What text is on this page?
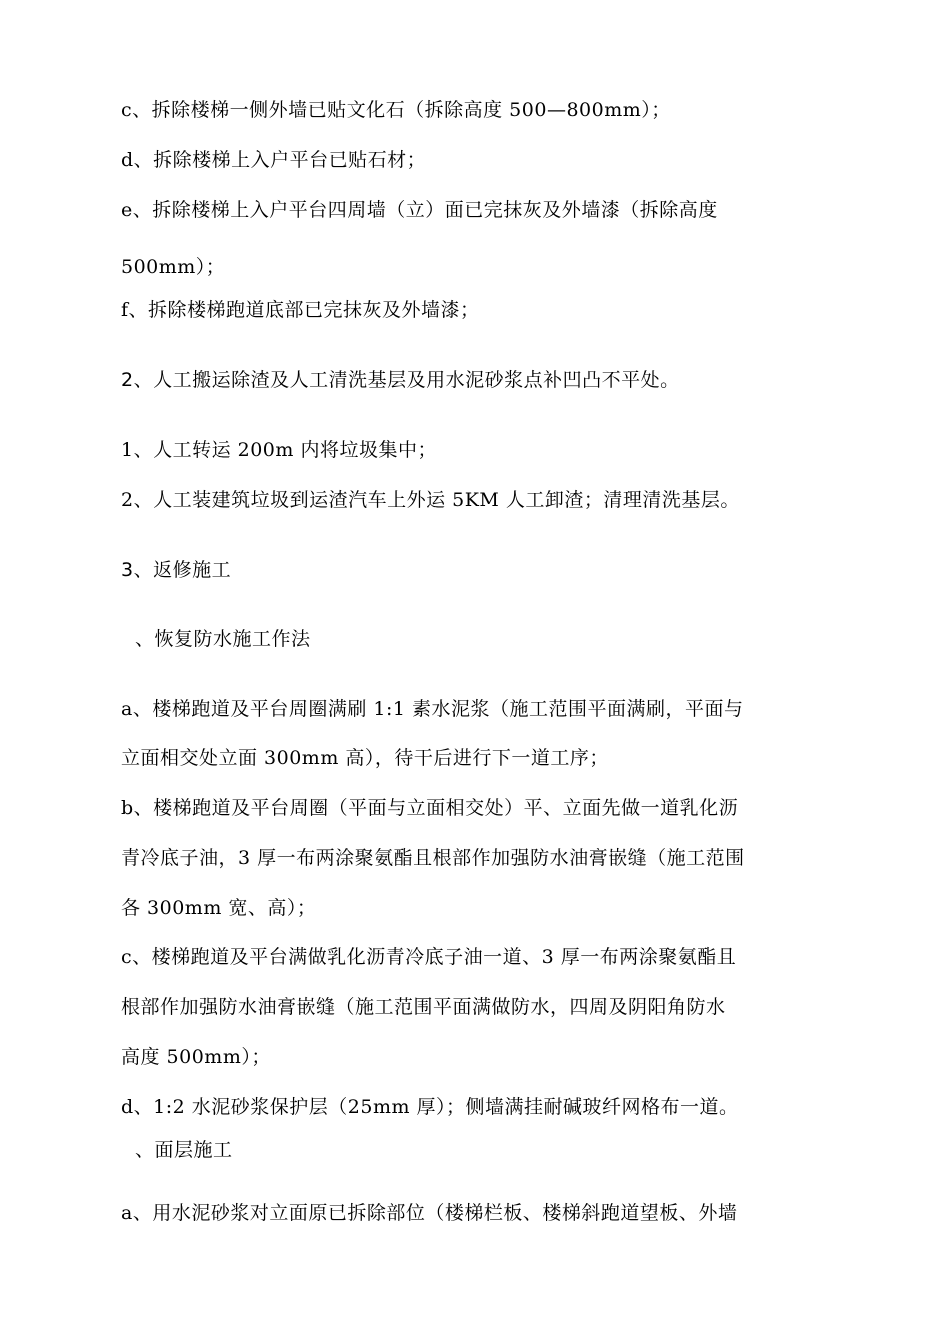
c、拆除楼梯一侧外墙已贴文化石（拆除高度 500—800mm）；
d、拆除楼梯上入户平台已贴石材；
e、拆除楼梯上入户平台四周墙（立）面已完抹灰及外墙漆（拆除高度
500mm）；
f、拆除楼梯跑道底部已完抹灰及外墙漆；
2、人工搬运除渣及人工清洗基层及用水泥砂浆点补凹凸不平处。
1、人工转运 200m 内将垃圾集中；
2、人工装建筑垃圾到运渣汽车上外运 5KM 人工卸渣；清理清洗基层。
3、返修施工
、恢复防水施工作法
a、楼梯跑道及平台周圈满刷 1:1 素水泥浆（施工范围平面满刷，平面与
立面相交处立面 300mm 高），待干后进行下一道工序；
b、楼梯跑道及平台周圈（平面与立面相交处）平、立面先做一道乳化沥
青冷底子油，3 厚一布两涂聚氨酯且根部作加强防水油膏嵌缝（施工范围
各 300mm 宽、高）；
c、楼梯跑道及平台满做乳化沥青冷底子油一道、3 厚一布两涂聚氨酯且
根部作加强防水油膏嵌缝（施工范围平面满做防水，四周及阴阳角防水
高度 500mm）；
d、1:2 水泥砂浆保护层（25mm 厚）；侧墙满挂耐碱玻纤网格布一道。
、面层施工
a、用水泥砂浆对立面原已拆除部位（楼梯栏板、楼梯斜跑道望板、外墙
